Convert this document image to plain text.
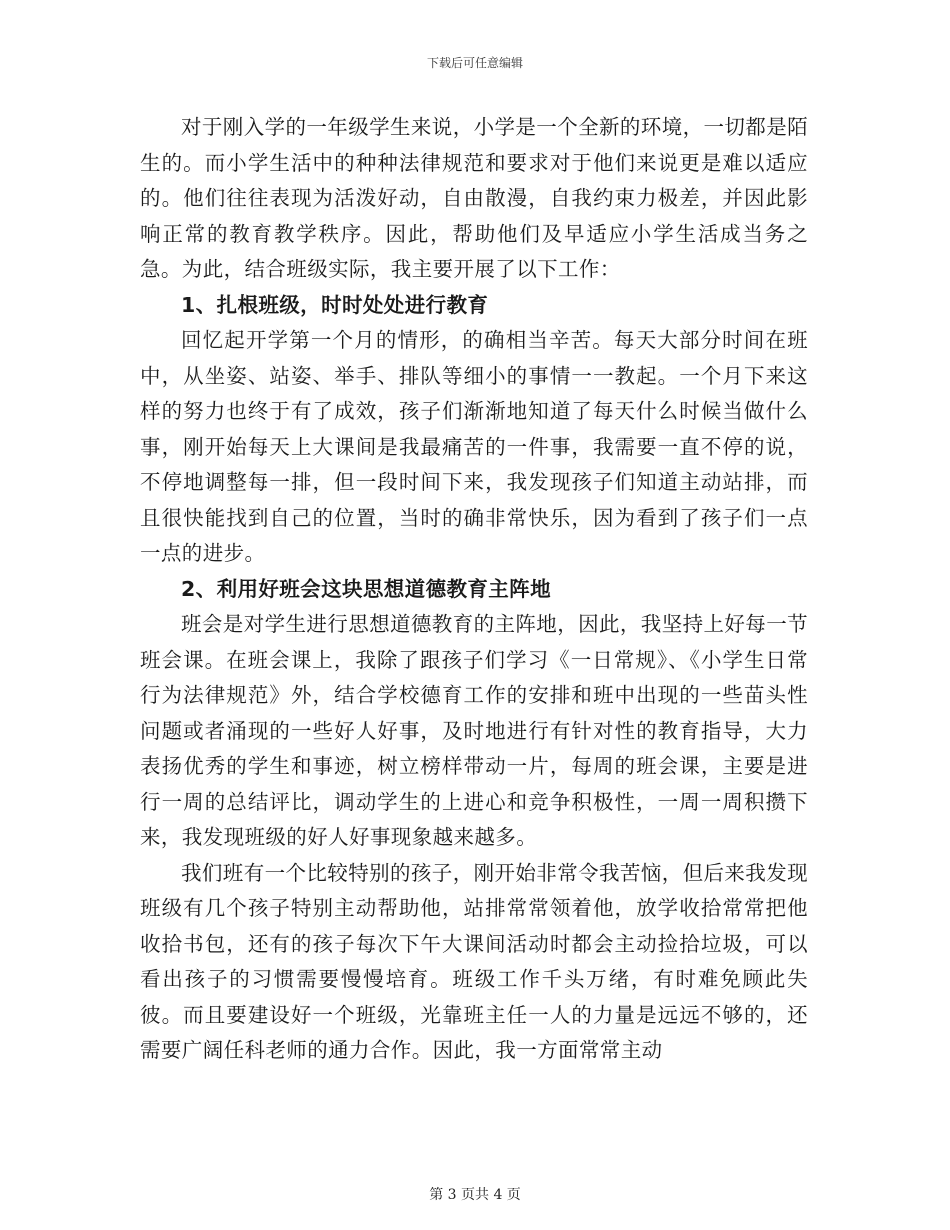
下载后可任意编辑

对于刚入学的一年级学生来说，小学是一个全新的环境，一切都是陌生的。而小学生活中的种种法律规范和要求对于他们来说更是难以适应的。他们往往表现为活泼好动，自由散漫，自我约束力极差，并因此影响正常的教育教学秩序。因此，帮助他们及早适应小学生活成当务之急。为此，结合班级实际，我主要开展了以下工作：

1、扎根班级，时时处处进行教育

回忆起开学第一个月的情形，的确相当辛苦。每天大部分时间在班中，从坐姿、站姿、举手、排队等细小的事情一一教起。一个月下来这样的努力也终于有了成效，孩子们渐渐地知道了每天什么时候当做什么事，刚开始每天上大课间是我最痛苦的一件事，我需要一直不停的说，不停地调整每一排，但一段时间下来，我发现孩子们知道主动站排，而且很快能找到自己的位置，当时的确非常快乐，因为看到了孩子们一点一点的进步。

2、利用好班会这块思想道德教育主阵地

班会是对学生进行思想道德教育的主阵地，因此，我坚持上好每一节班会课。在班会课上，我除了跟孩子们学习《一日常规》、《小学生日常行为法律规范》外，结合学校德育工作的安排和班中出现的一些苗头性问题或者涌现的一些好人好事，及时地进行有针对性的教育指导，大力表扬优秀的学生和事迹，树立榜样带动一片，每周的班会课，主要是进行一周的总结评比，调动学生的上进心和竞争积极性，一周一周积攒下来，我发现班级的好人好事现象越来越多。

我们班有一个比较特别的孩子，刚开始非常令我苦恼，但后来我发现班级有几个孩子特别主动帮助他，站排常常领着他，放学收拾常常把他收拾书包，还有的孩子每次下午大课间活动时都会主动捡拾垃圾，可以看出孩子的习惯需要慢慢培育。班级工作千头万绪，有时难免顾此失彼。而且要建设好一个班级，光靠班主任一人的力量是远远不够的，还需要广阔任科老师的通力合作。因此，我一方面常常主动

第 3 页共 4 页
